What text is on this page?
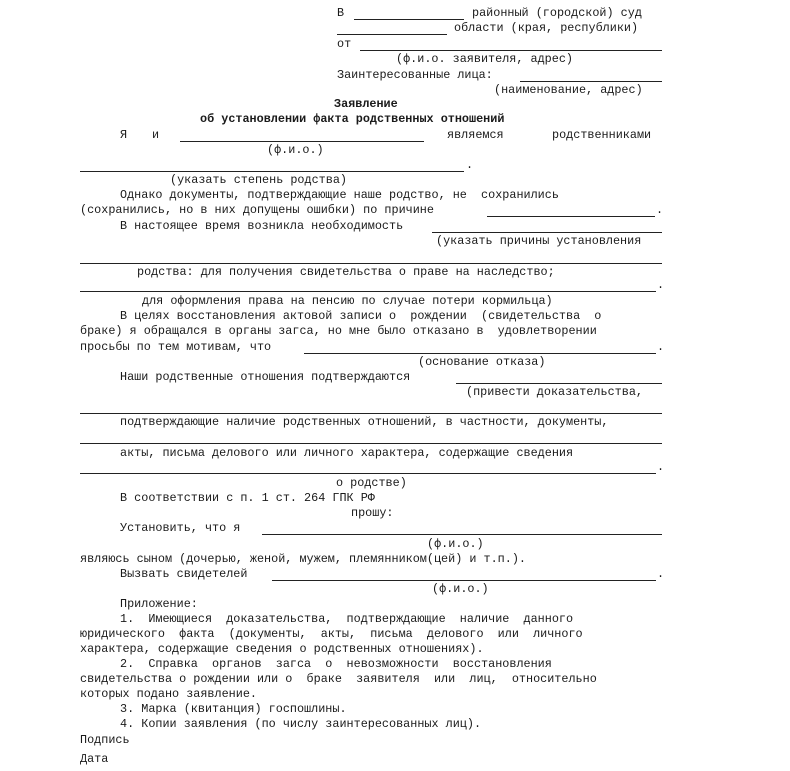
В	районный (городской) суд
области (края, республики)
от
(ф.и.о. заявителя, адрес)
Заинтересованные лица:
(наименование, адрес)
Заявление
об установлении факта родственных отношений
Я и	являемся	родственниками
(ф.и.о.)
.
(указать степень родства)
Однако документы, подтверждающие наше родство, не  сохранились
(сохранились, но в них допущены ошибки) по причине	.
В настоящее время возникла необходимость
(указать причины установления
родства: для получения свидетельства о праве на наследство;
.
для оформления права на пенсию по случае потери кормильца)
В целях восстановления актовой записи о  рождении  (свидетельства  о
браке) я обращался в органы загса, но мне было отказано в  удовлетворении
просьбы по тем мотивам, что	.
(основание отказа)
Наши родственные отношения подтверждаются
(привести доказательства,
подтверждающие наличие родственных отношений, в частности, документы,
акты, письма делового или личного характера, содержащие сведения
.
о родстве)
В соответствии с п. 1 ст. 264 ГПК РФ
прошу:
Установить, что я
(ф.и.о.)
являюсь сыном (дочерью, женой, мужем, племянником(цей) и т.п.).
Вызвать свидетелей	.
(ф.и.о.)
Приложение:
1.  Имеющиеся  доказательства,  подтверждающие  наличие  данного
юридического  факта  (документы,  акты,  письма  делового  или  личного
характера, содержащие сведения о родственных отношениях).
2.  Справка  органов  загса  о  невозможности  восстановления
свидетельства о рождении или о  браке  заявителя  или  лиц,  относительно
которых подано заявление.
3. Марка (квитанция) госпошлины.
4. Копии заявления (по числу заинтересованных лиц).
Подпись
Дата
